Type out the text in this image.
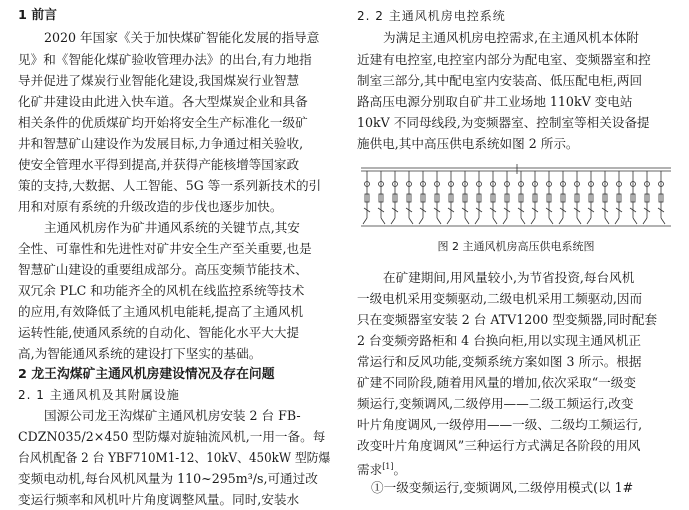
1 前言
2020 年国家《关于加快煤矿智能化发展的指导意
见》和《智能化煤矿验收管理办法》的出台,有力地指
导并促进了煤炭行业智能化建设,我国煤炭行业智慧
化矿井建设由此进入快车道。各大型煤炭企业和具备
相关条件的优质煤矿均开始将安全生产标准化一级矿
井和智慧矿山建设作为发展目标,力争通过相关验收,
使安全管理水平得到提高,并获得产能核增等国家政
策的支持,大数据、人工智能、5G 等一系列新技术的引
用和对原有系统的升级改造的步伐也逐步加快。
主通风机房作为矿井通风系统的关键节点,其安
全性、可靠性和先进性对矿井安全生产至关重要,也是
智慧矿山建设的重要组成部分。高压变频节能技术、
双冗余 PLC 和功能齐全的风机在线监控系统等技术
的应用,有效降低了主通风机电能耗,提高了主通风机
运转性能,使通风系统的自动化、智能化水平大大提
高,为智能通风系统的建设打下坚实的基础。
2 龙王沟煤矿主通风机房建设情况及存在问题
2. 1 主通风机及其附属设施
国源公司龙王沟煤矿主通风机房安装 2 台 FB-
CDZN035/2×450 型防爆对旋轴流风机,一用一备。每
台风机配备 2 台 YBF710M1-12、10kV、450kW 型防爆
变频电动机,每台风机风量为 110~295m³/s,可通过改
变运行频率和风机叶片角度调整风量。同时,安装水
图 2 主通风机房高压供电系统图
2. 2 主通风机房电控系统
为满足主通风机房电控需求,在主通风机本体附
近建有电控室,电控室内部分为配电室、变频器室和控
制室三部分,其中配电室内安装高、低压配电柜,两回
路高压电源分别取自矿井工业场地 110kV 变电站
10kV 不同母线段,为变频器室、控制室等相关设备提
施供电,其中高压供电系统如图 2 所示。
在矿建期间,用风量较小,为节省投资,每台风机
一级电机采用变频驱动,二级电机采用工频驱动,因而
只在变频器室安装 2 台 ATV1200 型变频器,同时配套
2 台变频旁路柜和 4 台换向柜,用以实现主通风机正
常运行和反风功能,变频系统方案如图 3 所示。根据
矿建不同阶段,随着用风量的增加,依次采取“一级变
频运行,变频调风,二级停用——二级工频运行,改变
叶片角度调风,一级停用——一级、二级均工频运行,
改变叶片角度调风”三种运行方式满足各阶段的用风
需求[1]。
①一级变频运行,变频调风,二级停用模式(以 1#
